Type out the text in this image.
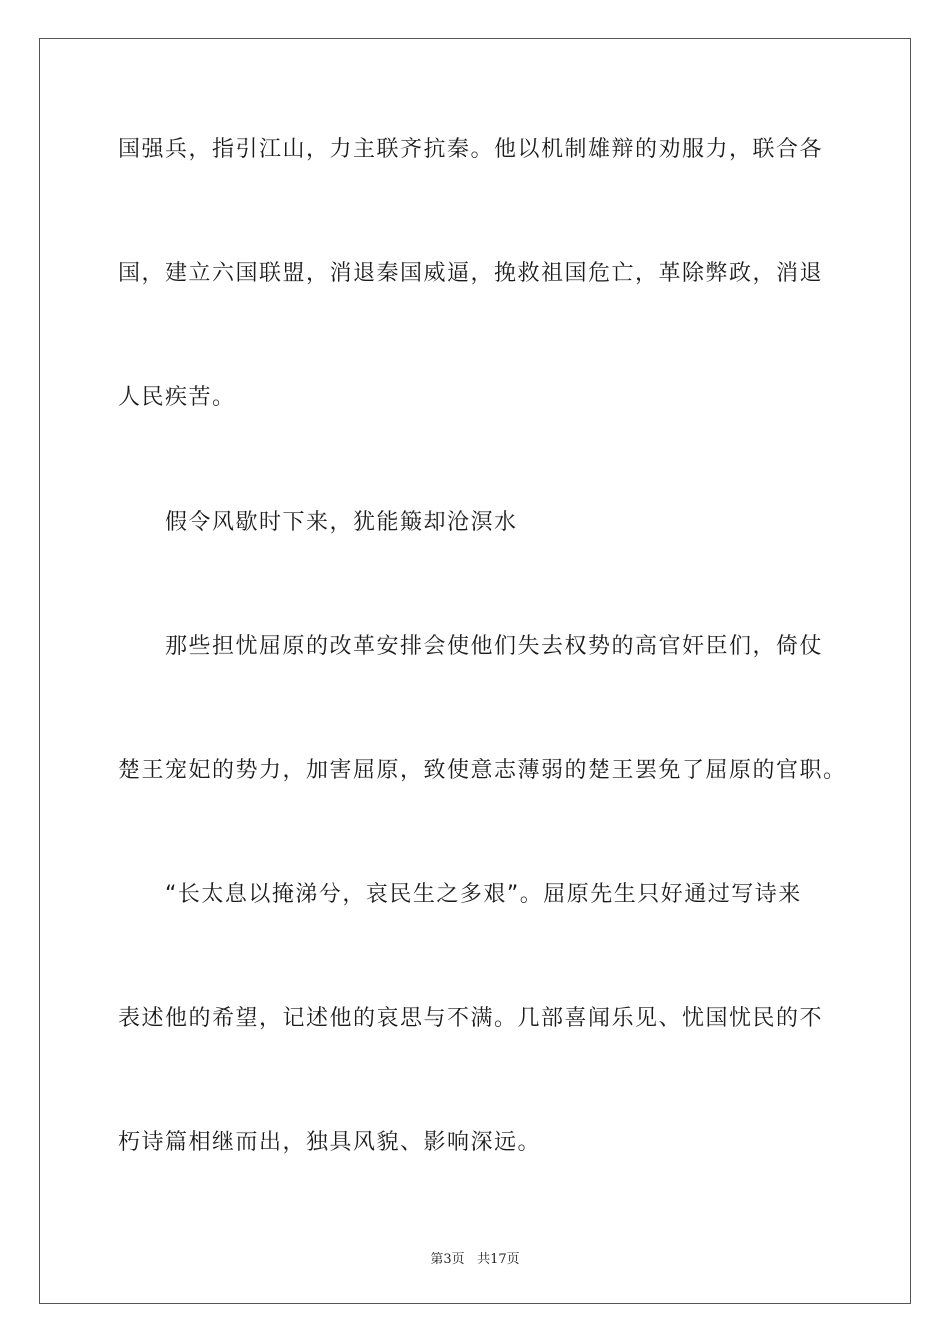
国强兵，指引江山，力主联齐抗秦。他以机制雄辩的劝服力，联合各
国，建立六国联盟，消退秦国威逼，挽救祖国危亡，革除弊政，消退
人民疾苦。
　　假令风歇时下来，犹能簸却沧溟水
　　那些担忧屈原的改革安排会使他们失去权势的高官奸臣们，倚仗
楚王宠妃的势力，加害屈原，致使意志薄弱的楚王罢免了屈原的官职。
　　“长太息以掩涕兮，哀民生之多艰”。屈原先生只好通过写诗来
表述他的希望，记述他的哀思与不满。几部喜闻乐见、忧国忧民的不
朽诗篇相继而出，独具风貌、影响深远。
第3页 共17页
